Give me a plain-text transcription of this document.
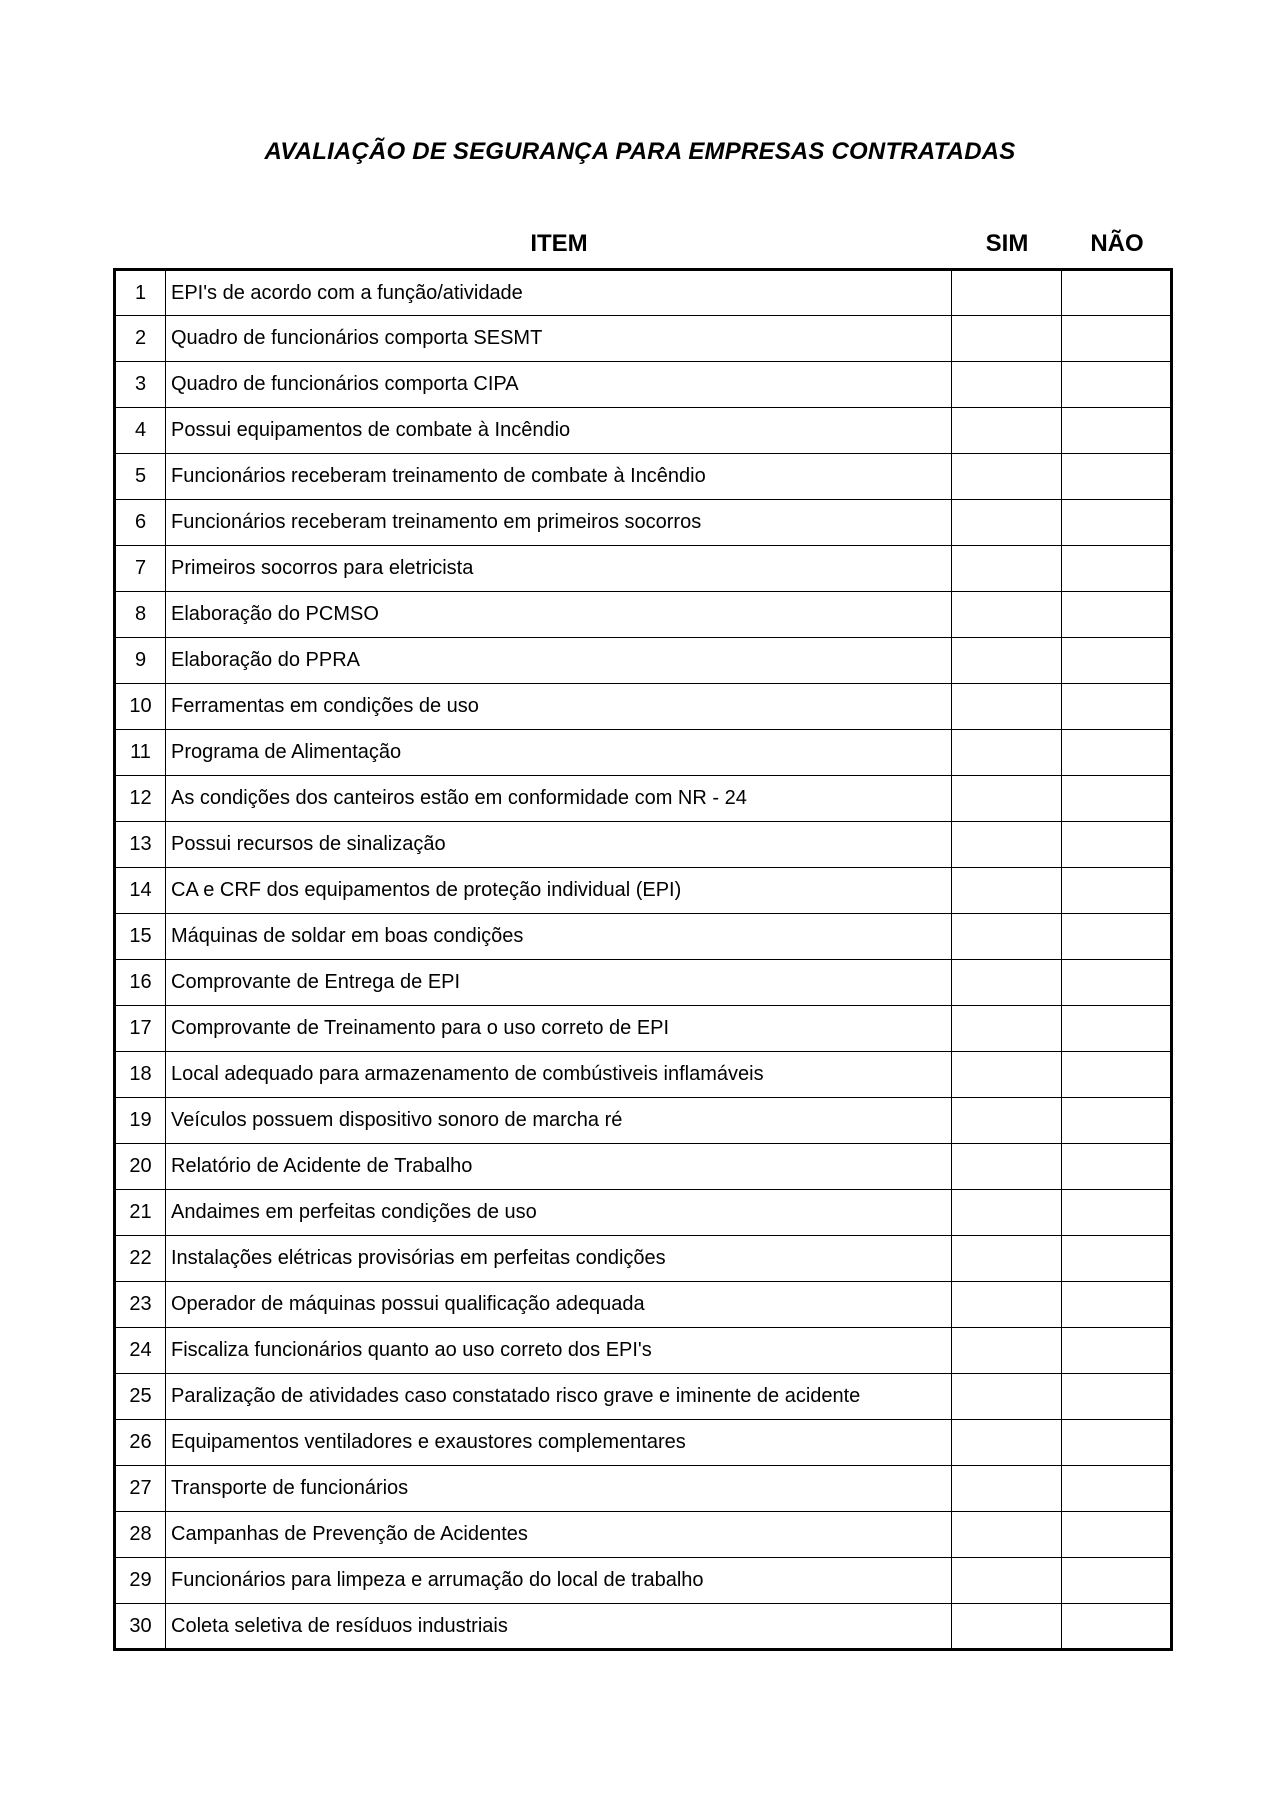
AVALIAÇÃO DE SEGURANÇA PARA EMPRESAS CONTRATADAS
ITEM	SIM	NÃO
1	EPI's de acordo com a função/atividade		
2	Quadro de funcionários comporta SESMT		
3	Quadro de funcionários comporta CIPA		
4	Possui equipamentos de combate à Incêndio		
5	Funcionários receberam treinamento de combate à Incêndio		
6	Funcionários receberam treinamento em primeiros socorros		
7	Primeiros socorros para eletricista		
8	Elaboração do PCMSO		
9	Elaboração do PPRA		
10	Ferramentas em condições de uso		
11	Programa de Alimentação		
12	As condições dos canteiros estão em conformidade com NR - 24		
13	Possui recursos de sinalização		
14	CA e CRF dos equipamentos de proteção individual (EPI)		
15	Máquinas de soldar em boas condições		
16	Comprovante de Entrega de EPI		
17	Comprovante de Treinamento para o uso correto de EPI		
18	Local adequado para armazenamento de combústiveis inflamáveis		
19	Veículos possuem dispositivo sonoro de marcha ré		
20	Relatório de Acidente de Trabalho		
21	Andaimes em perfeitas condições de uso		
22	Instalações elétricas provisórias em perfeitas condições		
23	Operador de máquinas possui qualificação adequada		
24	Fiscaliza funcionários quanto ao uso correto dos EPI's		
25	Paralização de atividades caso constatado risco grave e iminente de acidente		
26	Equipamentos ventiladores e exaustores complementares		
27	Transporte de funcionários		
28	Campanhas de Prevenção de Acidentes		
29	Funcionários para limpeza e arrumação do local de trabalho		
30	Coleta seletiva de resíduos industriais		
